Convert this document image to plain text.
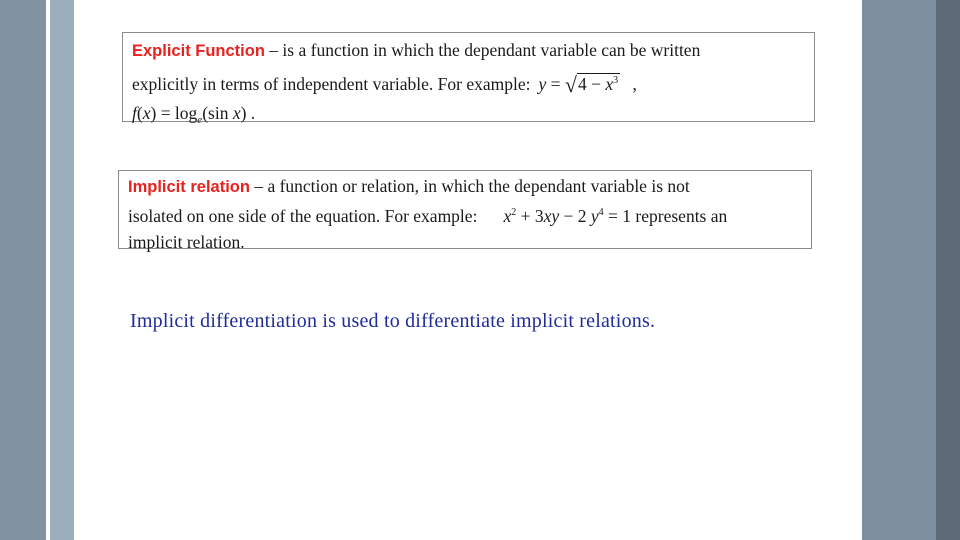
Explicit Function – is a function in which the dependant variable can be written
explicitly in terms of independent variable. For example: $y = √4 - x^3$ ,
$f(x) = \log_e(\sin$ x) .
Implicit relation – a function or relation, in which the dependant variable is not
isolated on one side of the equation. For example: $x^2 + 3xy - 2$ $y^4 = 1$ represents an
implicit relation.
Implicit differentiation is used to differentiate implicit relations.
